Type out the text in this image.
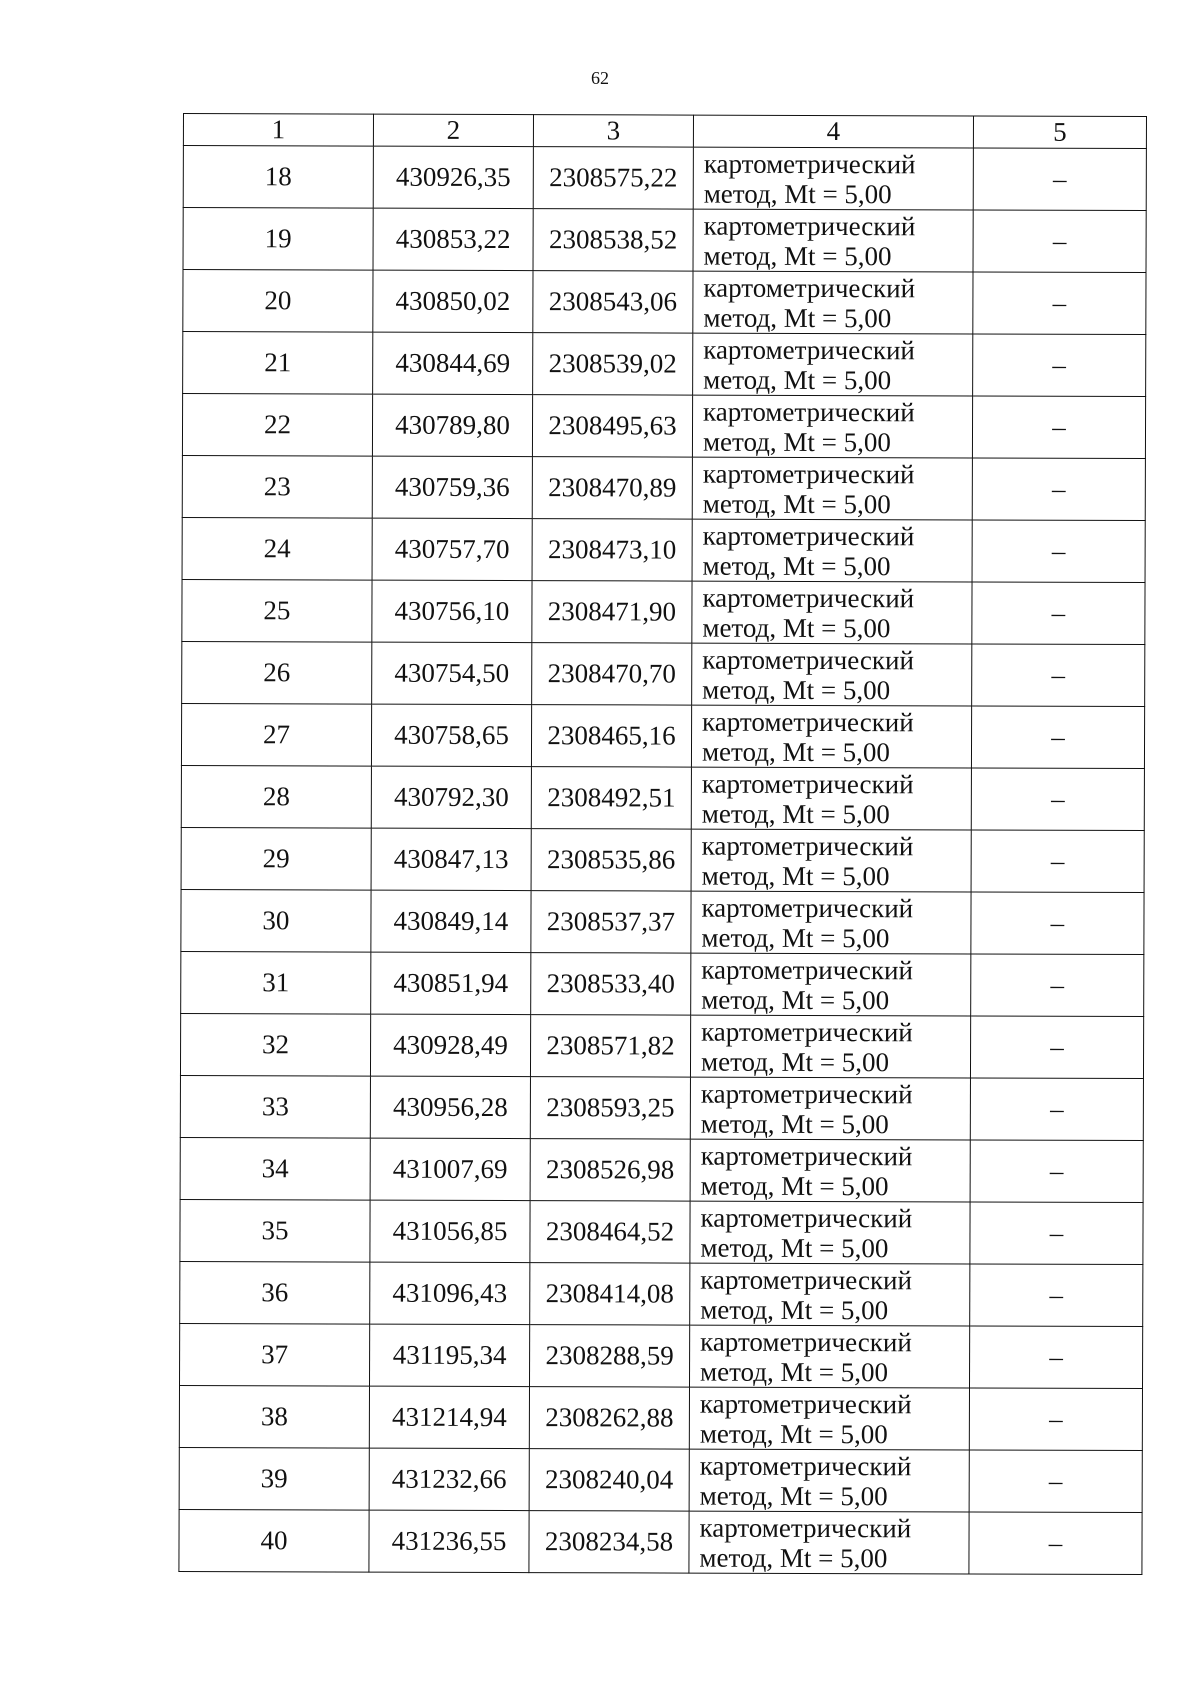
62
1	2	3	4	5
18	430926,35	2308575,22	картометрический
метод, Mt = 5,00	–
19	430853,22	2308538,52	картометрический
метод, Mt = 5,00	–
20	430850,02	2308543,06	картометрический
метод, Mt = 5,00	–
21	430844,69	2308539,02	картометрический
метод, Mt = 5,00	–
22	430789,80	2308495,63	картометрический
метод, Mt = 5,00	–
23	430759,36	2308470,89	картометрический
метод, Mt = 5,00	–
24	430757,70	2308473,10	картометрический
метод, Mt = 5,00	–
25	430756,10	2308471,90	картометрический
метод, Mt = 5,00	–
26	430754,50	2308470,70	картометрический
метод, Mt = 5,00	–
27	430758,65	2308465,16	картометрический
метод, Mt = 5,00	–
28	430792,30	2308492,51	картометрический
метод, Mt = 5,00	–
29	430847,13	2308535,86	картометрический
метод, Mt = 5,00	–
30	430849,14	2308537,37	картометрический
метод, Mt = 5,00	–
31	430851,94	2308533,40	картометрический
метод, Mt = 5,00	–
32	430928,49	2308571,82	картометрический
метод, Mt = 5,00	–
33	430956,28	2308593,25	картометрический
метод, Mt = 5,00	–
34	431007,69	2308526,98	картометрический
метод, Mt = 5,00	–
35	431056,85	2308464,52	картометрический
метод, Mt = 5,00	–
36	431096,43	2308414,08	картометрический
метод, Mt = 5,00	–
37	431195,34	2308288,59	картометрический
метод, Mt = 5,00	–
38	431214,94	2308262,88	картометрический
метод, Mt = 5,00	–
39	431232,66	2308240,04	картометрический
метод, Mt = 5,00	–
40	431236,55	2308234,58	картометрический
метод, Mt = 5,00	–
